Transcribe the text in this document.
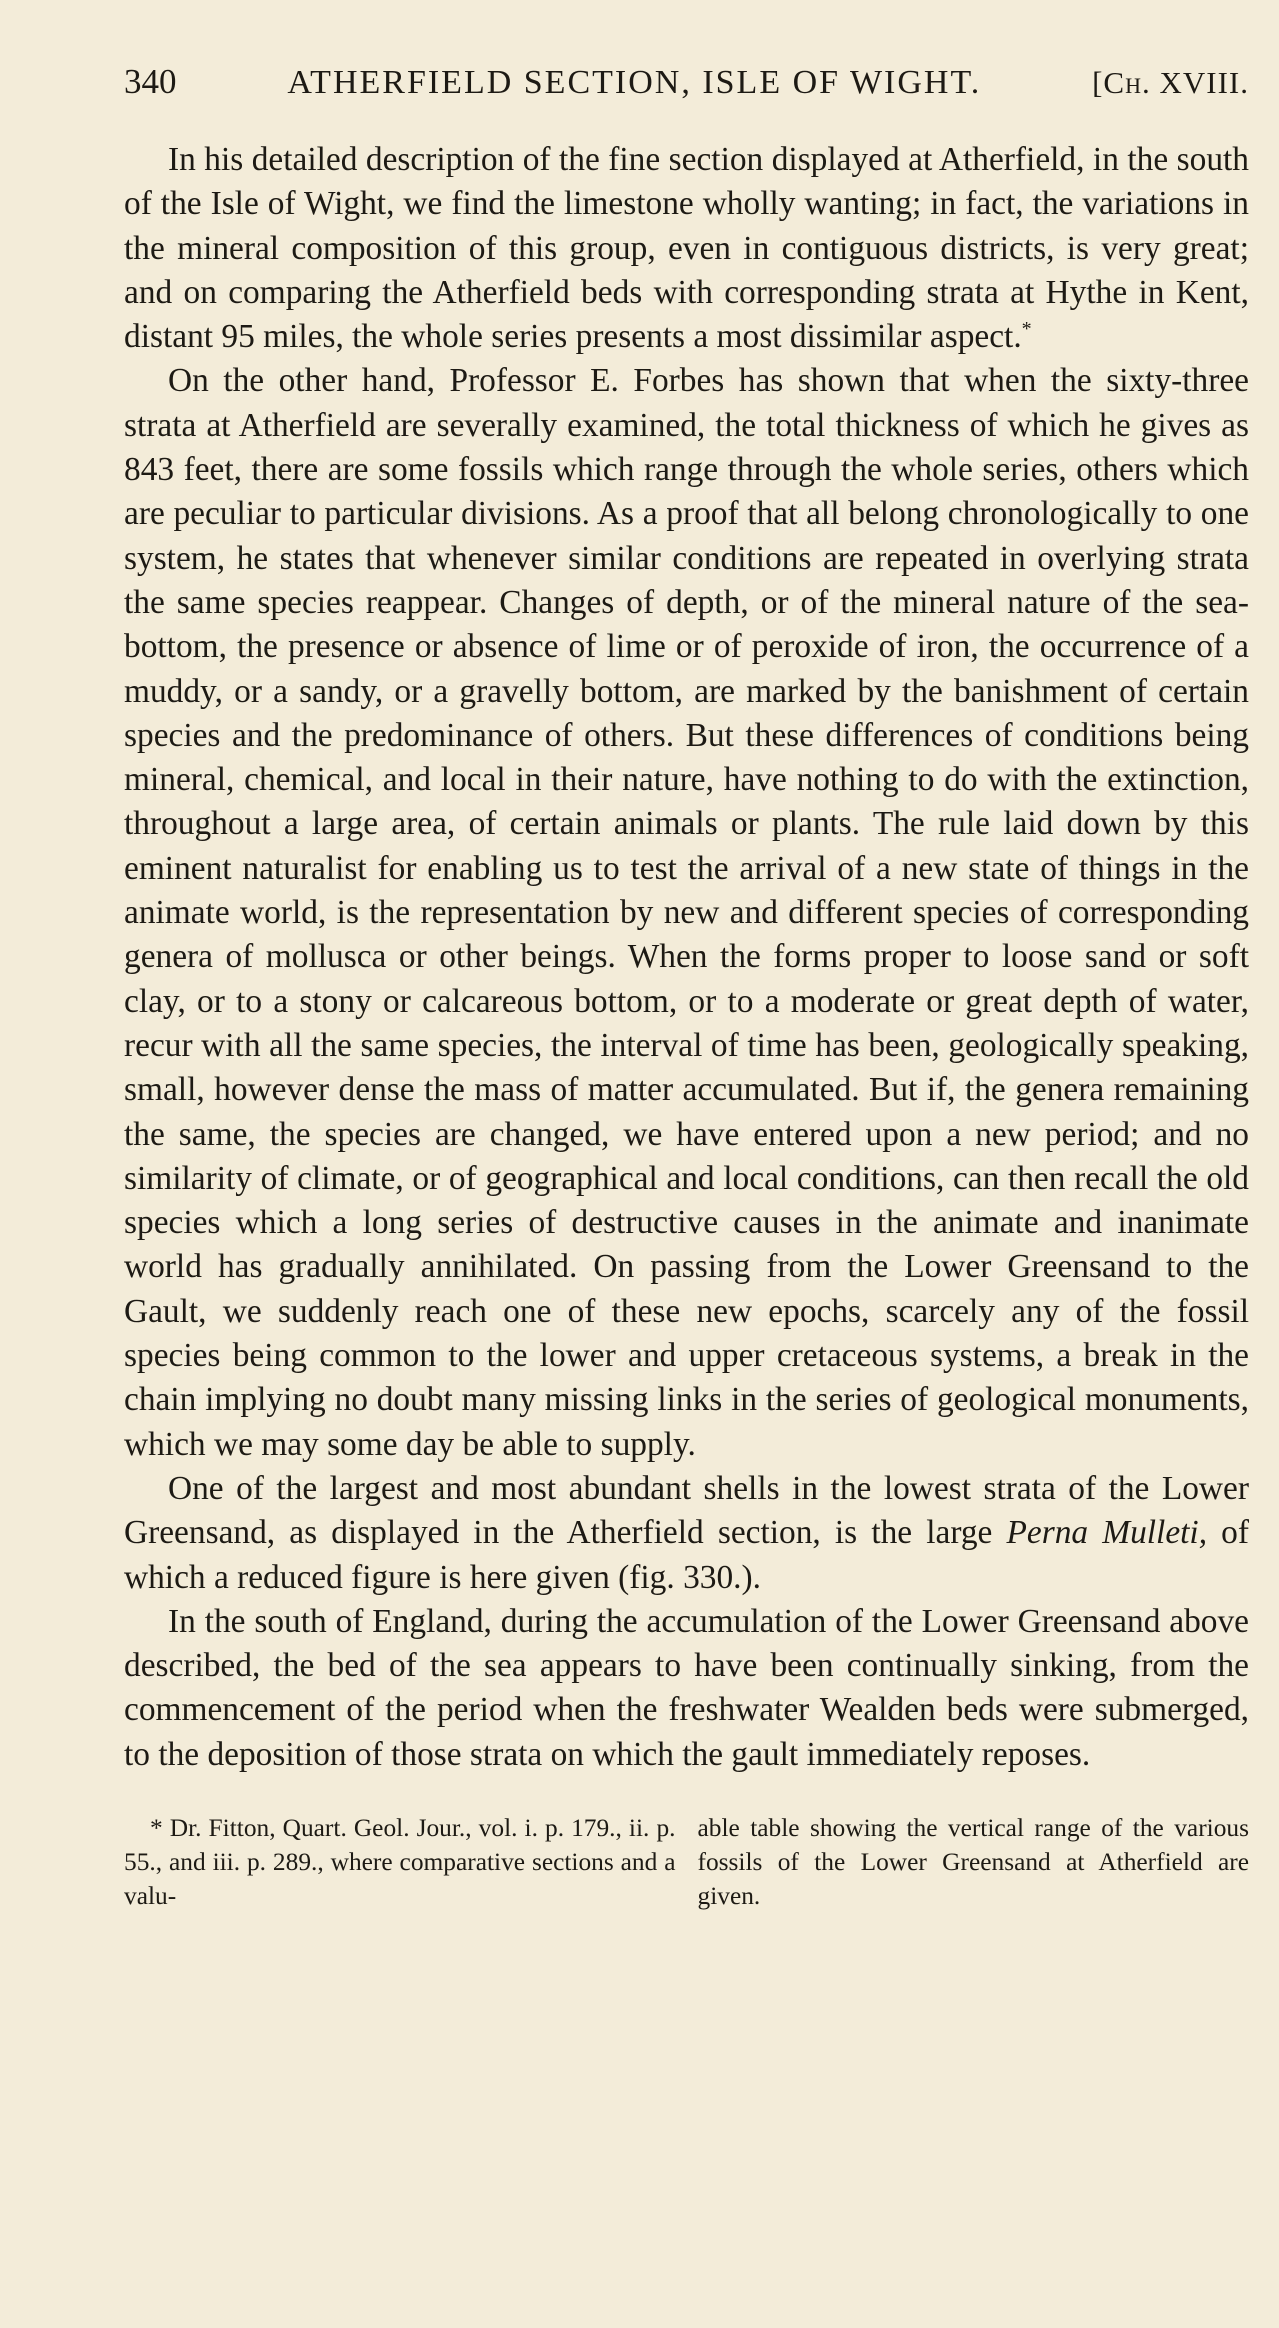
340	ATHERFIELD SECTION, ISLE OF WIGHT.	[Ch. XVIII.

In his detailed description of the fine section displayed at Atherfield, in the south of the Isle of Wight, we find the limestone wholly wanting; in fact, the variations in the mineral composition of this group, even in contiguous districts, is very great; and on comparing the Atherfield beds with corresponding strata at Hythe in Kent, distant 95 miles, the whole series presents a most dissimilar aspect.*

On the other hand, Professor E. Forbes has shown that when the sixty-three strata at Atherfield are severally examined, the total thickness of which he gives as 843 feet, there are some fossils which range through the whole series, others which are peculiar to particular divisions. As a proof that all belong chronologically to one system, he states that whenever similar conditions are repeated in overlying strata the same species reappear. Changes of depth, or of the mineral nature of the sea-bottom, the presence or absence of lime or of peroxide of iron, the occurrence of a muddy, or a sandy, or a gravelly bottom, are marked by the banishment of certain species and the predominance of others. But these differences of conditions being mineral, chemical, and local in their nature, have nothing to do with the extinction, throughout a large area, of certain animals or plants. The rule laid down by this eminent naturalist for enabling us to test the arrival of a new state of things in the animate world, is the representation by new and different species of corresponding genera of mollusca or other beings. When the forms proper to loose sand or soft clay, or to a stony or calcareous bottom, or to a moderate or great depth of water, recur with all the same species, the interval of time has been, geologically speaking, small, however dense the mass of matter accumulated. But if, the genera remaining the same, the species are changed, we have entered upon a new period; and no similarity of climate, or of geographical and local conditions, can then recall the old species which a long series of destructive causes in the animate and inanimate world has gradually annihilated. On passing from the Lower Greensand to the Gault, we suddenly reach one of these new epochs, scarcely any of the fossil species being common to the lower and upper cretaceous systems, a break in the chain implying no doubt many missing links in the series of geological monuments, which we may some day be able to supply.

One of the largest and most abundant shells in the lowest strata of the Lower Greensand, as displayed in the Atherfield section, is the large Perna Mulleti, of which a reduced figure is here given (fig. 330.).

In the south of England, during the accumulation of the Lower Greensand above described, the bed of the sea appears to have been continually sinking, from the commencement of the period when the freshwater Wealden beds were submerged, to the deposition of those strata on which the gault immediately reposes.

* Dr. Fitton, Quart. Geol. Jour., vol. i. p. 179., ii. p. 55., and iii. p. 289., where comparative sections and a valu-
able table showing the vertical range of the various fossils of the Lower Greensand at Atherfield are given.
